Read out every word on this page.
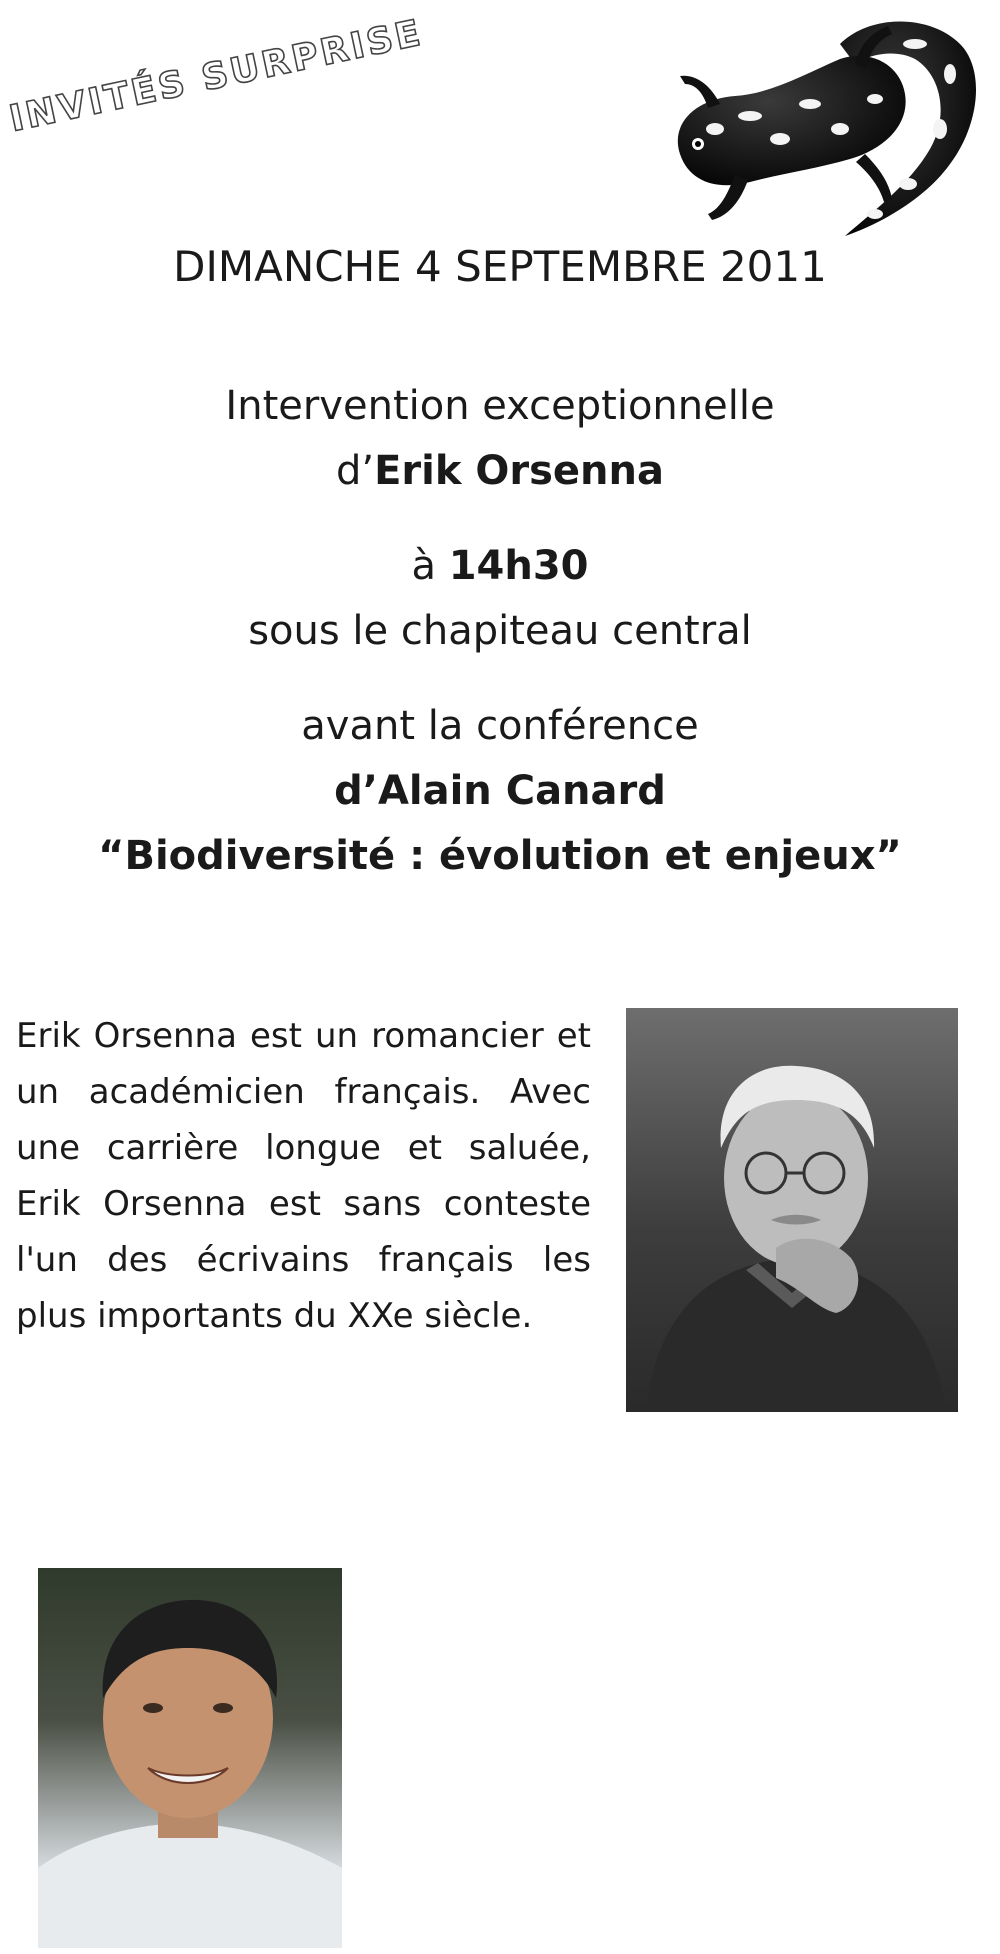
INVITÉS SURPRISE
DIMANCHE 4 SEPTEMBRE 2011
Intervention exceptionnelle
d’Erik Orsenna
à 14h30
sous le chapiteau central
avant la conférence
d’Alain Canard
“Biodiversité : évolution et enjeux”
Erik Orsenna est un romancier et un académicien français. Avec une carrière longue et saluée, Erik Orsenna est sans conteste l'un des écrivains français les plus importants du XXe siècle.
